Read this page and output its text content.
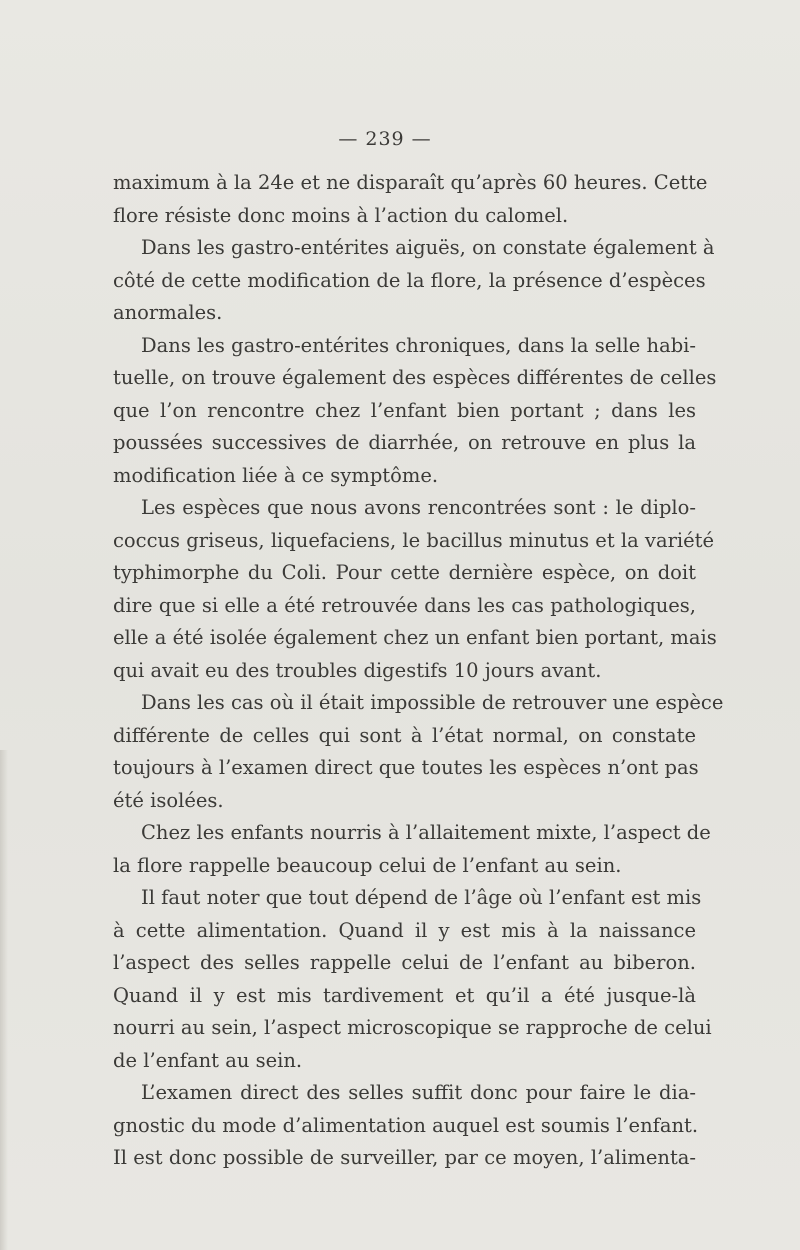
— 239 —
maximum à la 24e et ne disparaît qu’après 60 heures. Cette
flore résiste donc moins à l’action du calomel.
Dans les gastro-entérites aiguës, on constate également à
côté de cette modification de la flore, la présence d’espèces
anormales.
Dans les gastro-entérites chroniques, dans la selle habi-
tuelle, on trouve également des espèces différentes de celles
que l’on rencontre chez l’enfant bien portant ; dans les
poussées successives de diarrhée, on retrouve en plus la
modification liée à ce symptôme.
Les espèces que nous avons rencontrées sont : le diplo-
coccus griseus, liquefaciens, le bacillus minutus et la variété
typhimorphe du Coli. Pour cette dernière espèce, on doit
dire que si elle a été retrouvée dans les cas pathologiques,
elle a été isolée également chez un enfant bien portant, mais
qui avait eu des troubles digestifs 10 jours avant.
Dans les cas où il était impossible de retrouver une espèce
différente de celles qui sont à l’état normal, on constate
toujours à l’examen direct que toutes les espèces n’ont pas
été isolées.
Chez les enfants nourris à l’allaitement mixte, l’aspect de
la flore rappelle beaucoup celui de l’enfant au sein.
Il faut noter que tout dépend de l’âge où l’enfant est mis
à cette alimentation. Quand il y est mis à la naissance
l’aspect des selles rappelle celui de l’enfant au biberon.
Quand il y est mis tardivement et qu’il a été jusque-là
nourri au sein, l’aspect microscopique se rapproche de celui
de l’enfant au sein.
L’examen direct des selles suffit donc pour faire le dia-
gnostic du mode d’alimentation auquel est soumis l’enfant.
Il est donc possible de surveiller, par ce moyen, l’alimenta-
